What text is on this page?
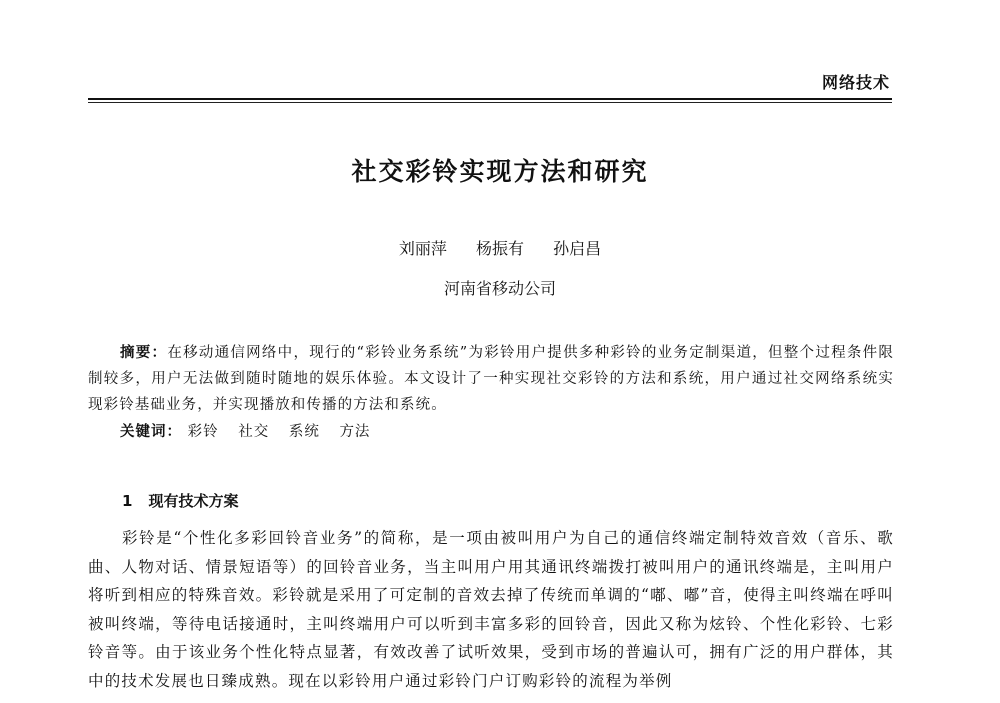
网络技术
社交彩铃实现方法和研究
刘丽萍 杨振有 孙启昌
河南省移动公司

摘要：在移动通信网络中，现行的“彩铃业务系统”为彩铃用户提供多种彩铃的业务定制渠道，但整个过程条件限制较多，用户无法做到随时随地的娱乐体验。本文设计了一种实现社交彩铃的方法和系统，用户通过社交网络系统实现彩铃基础业务，并实现播放和传播的方法和系统。

关键词： 彩铃 社交 系统 方法
1 现有技术方案

彩铃是“个性化多彩回铃音业务”的简称，是一项由被叫用户为自己的通信终端定制特效音效（音乐、歌曲、人物对话、情景短语等）的回铃音业务，当主叫用户用其通讯终端拨打被叫用户的通讯终端是，主叫用户将听到相应的特殊音效。彩铃就是采用了可定制的音效去掉了传统而单调的“嘟、嘟”音，使得主叫终端在呼叫被叫终端，等待电话接通时，主叫终端用户可以听到丰富多彩的回铃音，因此又称为炫铃、个性化彩铃、七彩铃音等。由于该业务个性化特点显著，有效改善了试听效果，受到市场的普遍认可，拥有广泛的用户群体，其中的技术发展也日臻成熟。现在以彩铃用户通过彩铃门户订购彩铃的流程为举例
